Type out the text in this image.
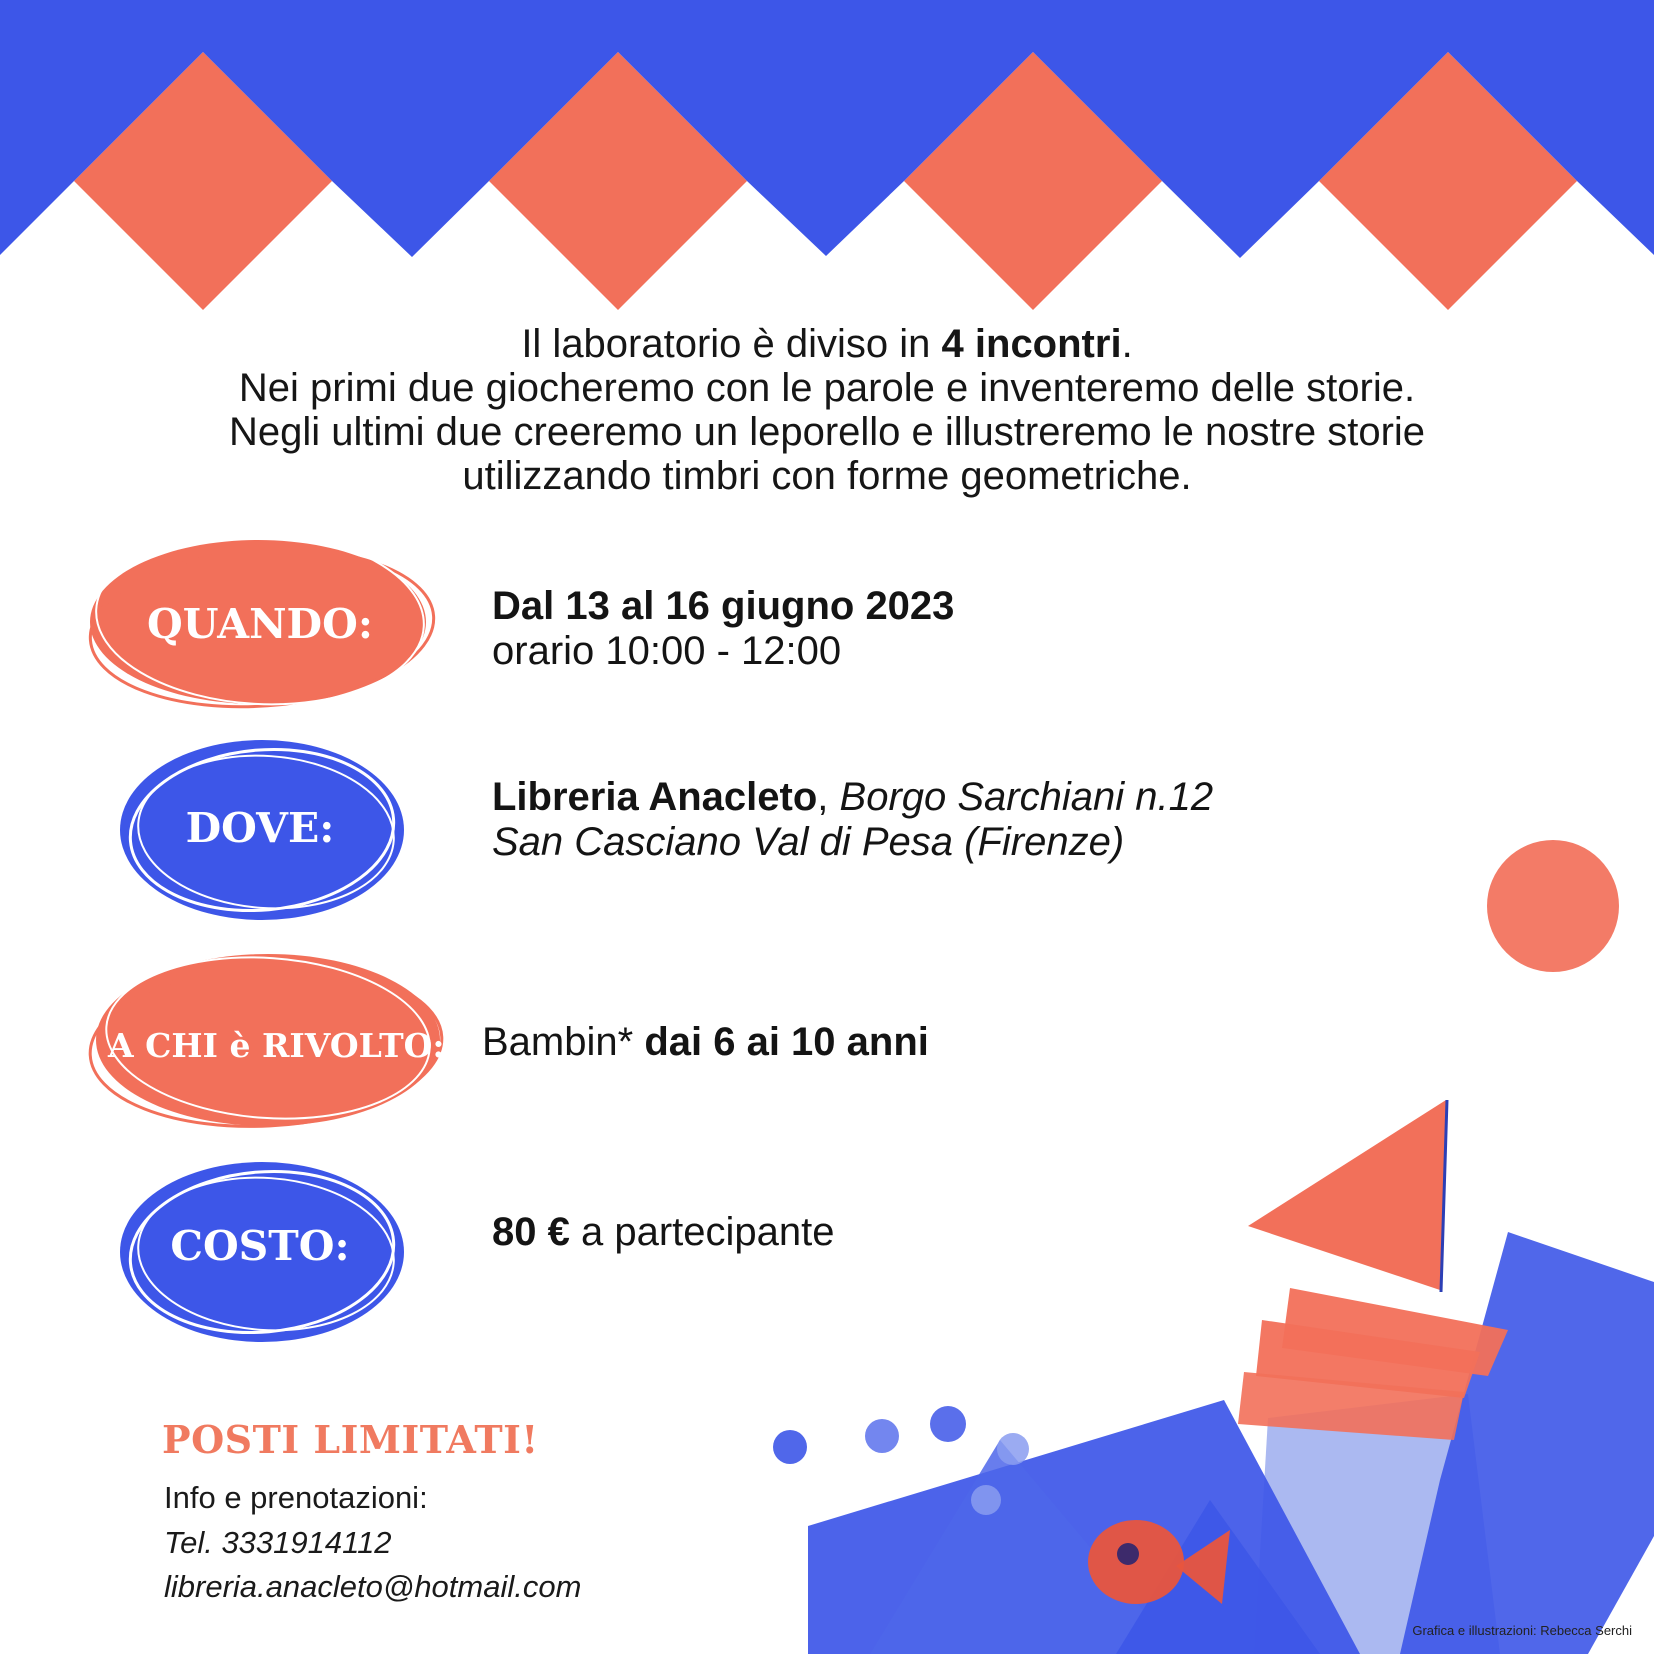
Il laboratorio è diviso in 4 incontri.
Nei primi due giocheremo con le parole e inventeremo delle storie.
Negli ultimi due creeremo un leporello e illustreremo le nostre storie
utilizzando timbri con forme geometriche.
QUANDO:
DOVE:
A CHI è RIVOLTO:
COSTO:
Dal 13 al 16 giugno 2023
orario 10:00 - 12:00
Libreria Anacleto, Borgo Sarchiani n.12
San Casciano Val di Pesa (Firenze)
Bambin* dai 6 ai 10 anni
80 € a partecipante
POSTI LIMITATI!
Info e prenotazioni:
Tel. 3331914112
libreria.anacleto@hotmail.com
Grafica e illustrazioni: Rebecca Serchi
